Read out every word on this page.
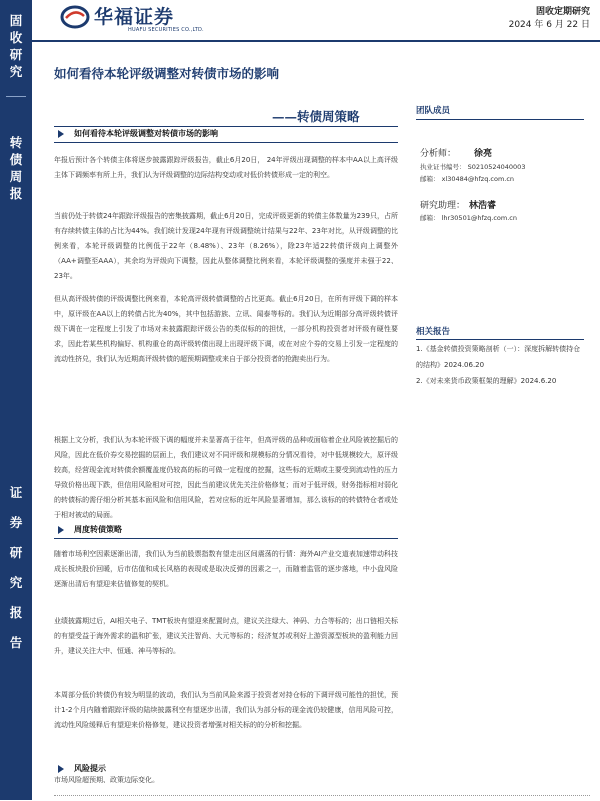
固
收
研
究
转
债
周
报
证
券
研
究
报
告
华福证券
HUAFU SECURITIES CO.,LTD.
固收定期研究
2024 年 6 月 22 日
如何看待本轮评级调整对转债市场的影响
——转债周策略
如何看待本轮评级调整对转债市场的影响
年报后预计各个转债主体将逐步披露跟踪评级报告，截止6月20日， 24年评级出现调整的样本中AA以上高评级主体下调频率有所上升，我们认为评级调整的边际结构变动或对低价转债形成一定的利空。
当前仍处于转债24年跟踪评级报告的密集披露期，截止6月20日，完成评级更新的转债主体数量为239只，占所有存续转债主体的占比为44%。我们统计发现24年现有评级调整统计结果与22年、23年对比，从评级调整的比例来看，本轮评级调整的比例低于22年（8.48%）、23年（8.26%），除23年适22转债评级向上调整外（AA+调整至AAA），其余均为评级向下调整，因此从整体调整比例来看，本轮评级调整的强度并未强于22、23年。
但从高评级转债的评级调整比例来看，本轮高评级转债调整的占比更高。截止6月20日，在所有评级下调的样本中，原评级在AA以上的转债占比为40%，其中包括游族、立讯、闻泰等标的。我们认为近期部分高评级转债评级下调在一定程度上引发了市场对未披露跟踪评级公告的类似标的的担忧，一部分机构投资者对评级有硬性要求，因此若某些机构偏好、机构重仓的高评级转债出现上出现评级下调，或在对应个券的交易上引发一定程度的流动性挤兑，我们认为近期高评级转债的超预期调整或来自于部分投资者的抢跑卖出行为。
根据上文分析，我们认为本轮评级下调的幅度并未显著高于往年，但高评级的品种或面临着企业风险被挖掘后的风险，因此在低价券交易挖掘的层面上，我们建议对不同评级和规模标的分情况看待，对中低规模较大，原评级较高，经营现金流对转债余额覆盖度仍较高的标的可做一定程度的挖掘，这些标的近期或主要受到流动性的压力导致价格出现下跌，但信用风险相对可控，因此当前建议优先关注价格修复；而对于低评级，财务指标相对弱化的转债标的需仔细分析其基本面风险和信用风险，若对应标的近年风险显著增加，那么该标的的转债特仓者或处于相对被动的局面。
周度转债策略
随着市场利空因素逐渐出清，我们认为当前股票指数有望走出区间震荡的行情：海外AI产业交道表加速带动科技成长板块股价回暖，后市估值和成长风格的表现或是取决反弹的因素之一，而随着监管的逐步落地，中小盘风险逐渐出清后有望迎来估值修复的契机。
业绩披露期过后，AI相关电子、TMT板块有望迎来配置时点，建议关注绿大、神码、力合等标的；出口链相关标的有望受益于海外需求的温和扩张，建议关注智尚、大元等标的；经济复苏或利好上游资源型板块的盈利能力回升，建议关注大中、恒通、神马等标的。
本周部分低价转债仍有较为明显的波动，我们认为当前风险来源于投资者对持仓标的下调评级可能性的担忧，预计1-2个月内随着跟踪评级的陆续披露利空有望逐步出清，我们认为部分标的现金流仍较健康，信用风险可控，流动性风险缓释后有望迎来价格修复，建议投资者增强对相关标的的分析和挖掘。
风险提示
市场风险超预期、政策边际变化。
团队成员
分析师： 徐亮
执业证书编号： S0210524040003
邮箱： xl30484@hfzq.com.cn
研究助理： 林浩睿
邮箱： lhr30501@hfzq.com.cn
相关报告
1.《基金转债投资策略剖析（一）：深度拆解转债持仓的结构》2024.06.20
2.《对未来货币政策框架的理解》2024.6.20
